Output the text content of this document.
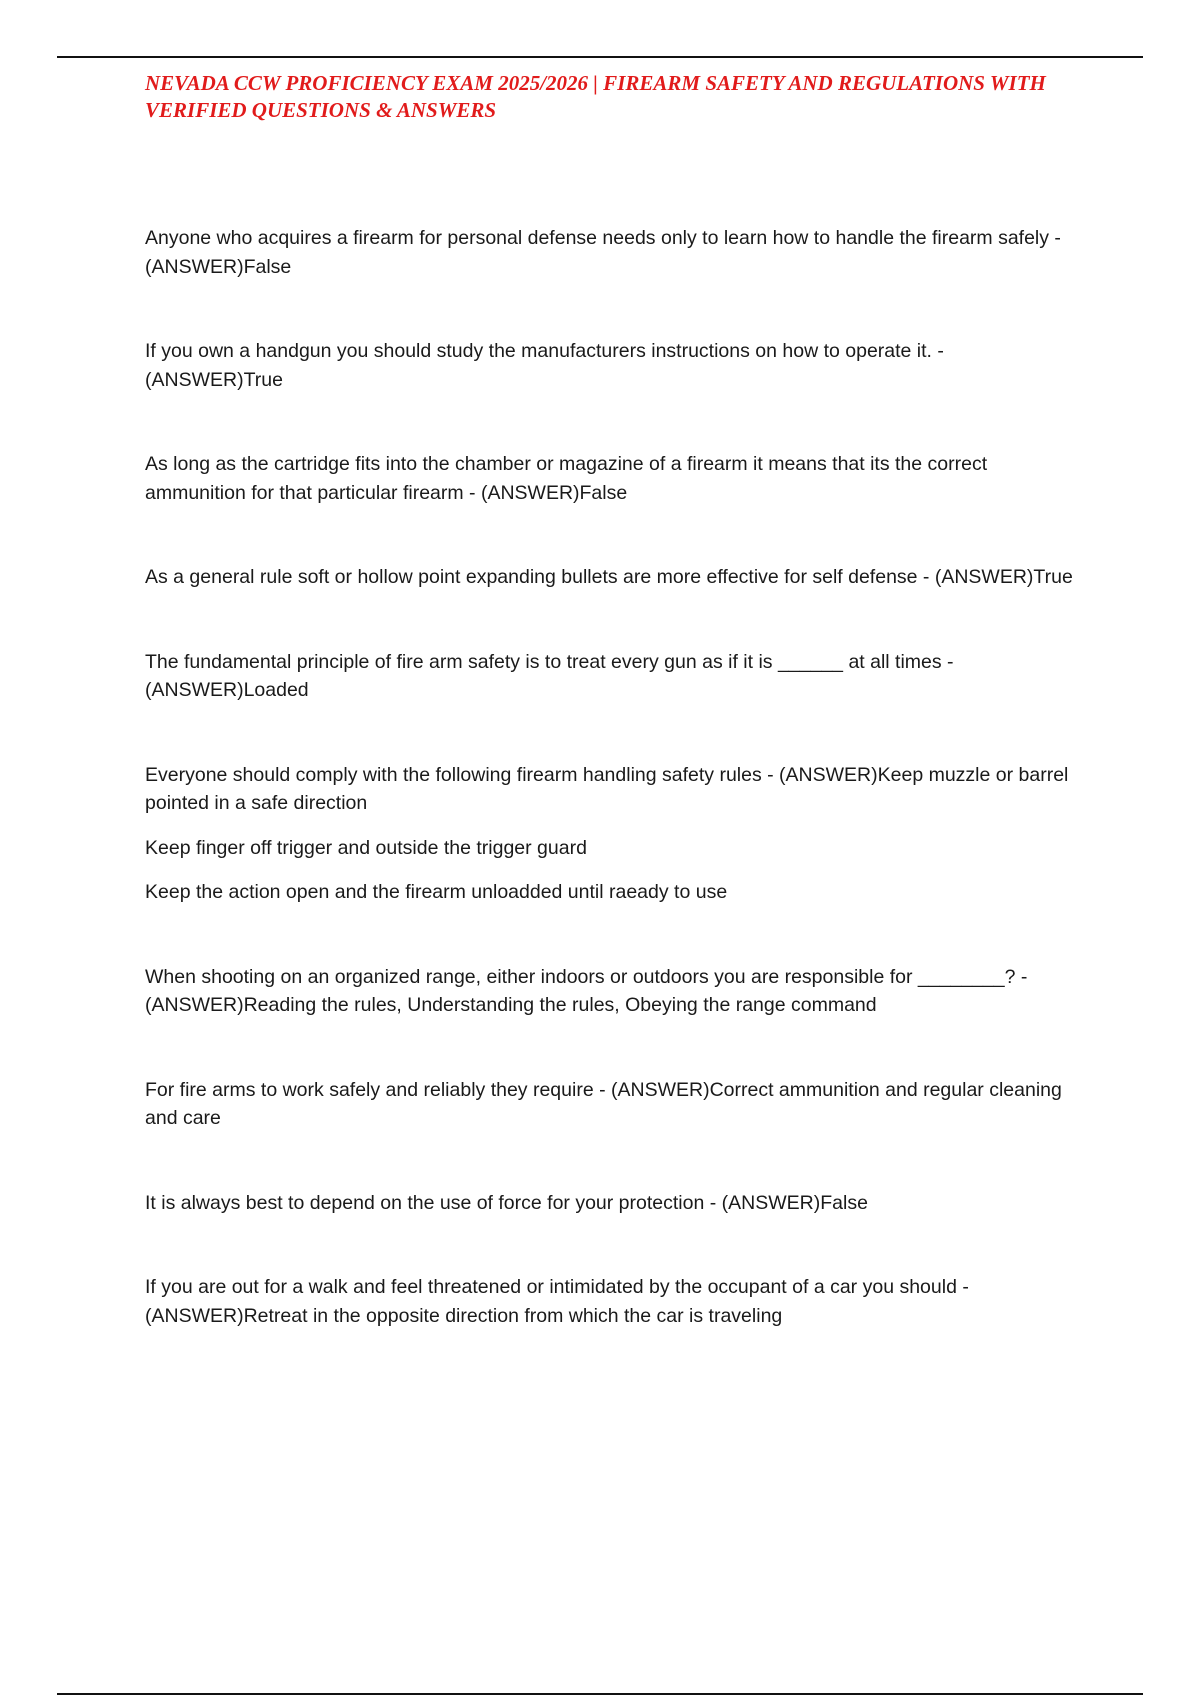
NEVADA CCW PROFICIENCY EXAM 2025/2026 | FIREARM SAFETY AND REGULATIONS WITH VERIFIED QUESTIONS & ANSWERS

Anyone who acquires a firearm for personal defense needs only to learn how to handle the firearm safely - (ANSWER)False

If you own a handgun you should study the manufacturers instructions on how to operate it. - (ANSWER)True

As long as the cartridge fits into the chamber or magazine of a firearm it means that its the correct ammunition for that particular firearm - (ANSWER)False

As a general rule soft or hollow point expanding bullets are more effective for self defense - (ANSWER)True

The fundamental principle of fire arm safety is to treat every gun as if it is ______ at all times - (ANSWER)Loaded

Everyone should comply with the following firearm handling safety rules - (ANSWER)Keep muzzle or barrel pointed in a safe direction

Keep finger off trigger and outside the trigger guard

Keep the action open and the firearm unloadded until raeady to use

When shooting on an organized range, either indoors or outdoors you are responsible for ________? - (ANSWER)Reading the rules, Understanding the rules, Obeying the range command

For fire arms to work safely and reliably they require - (ANSWER)Correct ammunition and regular cleaning and care

It is always best to depend on the use of force for your protection - (ANSWER)False

If you are out for a walk and feel threatened or intimidated by the occupant of a car you should - (ANSWER)Retreat in the opposite direction from which the car is traveling
